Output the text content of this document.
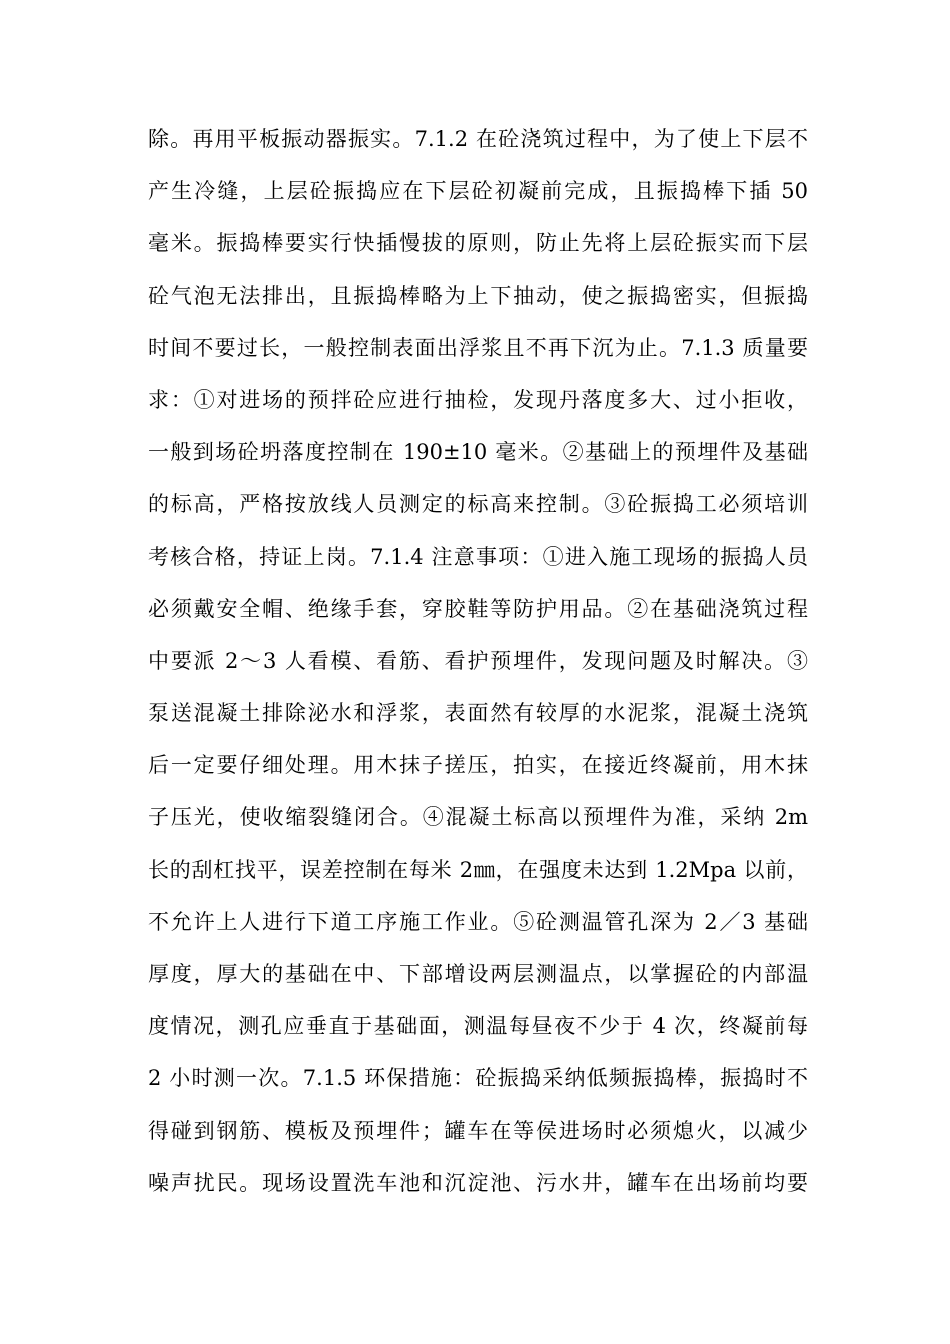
除。再用平板振动器振实。7.1.2 在砼浇筑过程中，为了使上下层不
产生冷缝，上层砼振捣应在下层砼初凝前完成，且振捣棒下插 50
毫米。振捣棒要实行快插慢拔的原则，防止先将上层砼振实而下层
砼气泡无法排出，且振捣棒略为上下抽动，使之振捣密实，但振捣
时间不要过长，一般控制表面出浮浆且不再下沉为止。7.1.3 质量要
求：①对进场的预拌砼应进行抽检，发现丹落度多大、过小拒收，
一般到场砼坍落度控制在 190±10 毫米。②基础上的预埋件及基础
的标高，严格按放线人员测定的标高来控制。③砼振捣工必须培训
考核合格，持证上岗。7.1.4 注意事项：①进入施工现场的振捣人员
必须戴安全帽、绝缘手套，穿胶鞋等防护用品。②在基础浇筑过程
中要派 2～3 人看模、看筋、看护预埋件，发现问题及时解决。③
泵送混凝土排除泌水和浮浆，表面然有较厚的水泥浆，混凝土浇筑
后一定要仔细处理。用木抹子搓压，拍实，在接近终凝前，用木抹
子压光，使收缩裂缝闭合。④混凝土标高以预埋件为准，采纳 2m
长的刮杠找平，误差控制在每米 2㎜，在强度未达到 1.2Mpa 以前，
不允许上人进行下道工序施工作业。⑤砼测温管孔深为 2／3 基础
厚度，厚大的基础在中、下部增设两层测温点，以掌握砼的内部温
度情况，测孔应垂直于基础面，测温每昼夜不少于 4 次，终凝前每
2 小时测一次。7.1.5 环保措施：砼振捣采纳低频振捣棒，振捣时不
得碰到钢筋、模板及预埋件；罐车在等侯进场时必须熄火，以减少
噪声扰民。现场设置洗车池和沉淀池、污水井，罐车在出场前均要
